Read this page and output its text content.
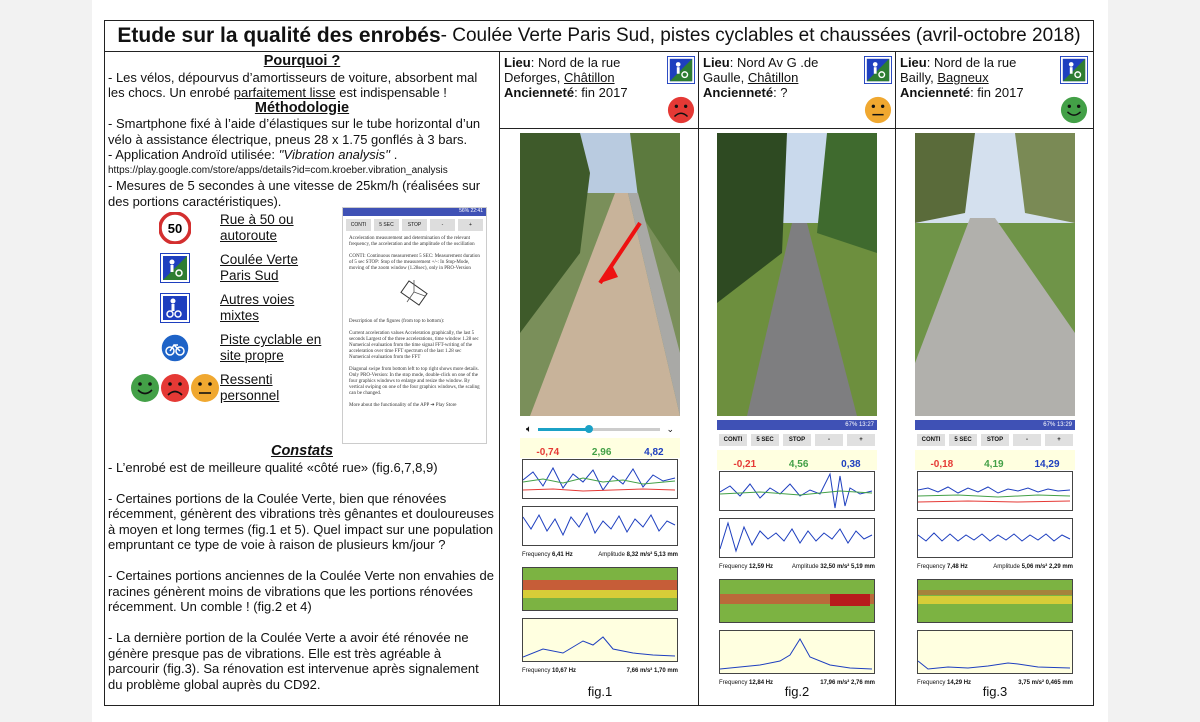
Etude sur la qualité des enrobés - Coulée Verte Paris Sud, pistes cyclables et chaussées (avril-octobre 2018)

Pourquoi ?

- Les vélos, dépourvus d’amortisseurs de voiture, absorbent mal les chocs. Un enrobé parfaitement lisse est indispensable !

Méthodologie

- Smartphone fixé à l’aide d’élastiques sur le tube horizontal d’un vélo à assistance électrique, pneus 28 x 1.75 gonflés à 3 bars.

- Application Androïd utilisée: ''Vibration analysis'' .

https://play.google.com/store/apps/details?id=com.kroeber.vibration_analysis

- Mesures de 5 secondes à une vitesse de 25km/h (réalisées sur des portions caractéristiques).

50
Rue à 50 ou autoroute
Coulée Verte Paris Sud
Autres voies mixtes
Piste cyclable en site propre
Ressenti personnel
56% 22:41
CONTI	5 SEC	STOP	-	+

Acceleration measurement and determination of the relevant frequency, the acceleration and the amplitude of the oscillation

CONTI: Continuous measurement 5 SEC: Measurement duration of 5 sec STOP: Stop of the measurement +/-: In Stop-Mode, moving of the zoom window (1.28sec), only in PRO-Version

Description of the figures (from top to bottom):

Current acceleration values Acceleration graphically, the last 5 seconds Largest of the three accelerations, time window 1.28 sec Numerical evaluation from the time signal FFT-writing of the acceleration over time FFT spectrum of the last 1.28 sec Numerical evaluation from the FFT

Diagonal swipe from bottom left to top right shows more details. Only PRO-Version: In the stop mode, double-click on one of the four graphics windows to enlarge and resize the window. By vertical swiping on one of the four graphics windows, the scaling can be changed.

More about the functionality of the APP ➔ Play Store

Constats

- L’enrobé est de meilleure qualité «côté rue» (fig.6,7,8,9)

- Certaines portions de la Coulée Verte, bien que rénovées récemment, génèrent des vibrations très gênantes et douloureuses à moyen et long termes (fig.1 et 5). Quel impact sur une population empruntant ce type de voie à raison de plusieurs km/jour ?

- Certaines portions anciennes de la Coulée Verte non envahies de racines génèrent moins de vibrations que les portions rénovées récemment. Un comble ! (fig.2 et 4)

- La dernière portion de la Coulée Verte a avoir été rénovée ne génère presque pas de vibrations. Elle est très agréable à parcourir (fig.3). Sa rénovation est intervenue après signalement du problème global auprès du CD92.

Lieu: Nord de la rue Deforges, Châtillon
Ancienneté: fin 2017
Lieu: Nord Av G .de Gaulle, Châtillon
Ancienneté: ?
Lieu: Nord de la rue Bailly, Bagneux
Ancienneté: fin 2017
🔈︎	⌄
-0,74	2,96	4,82

Frequency 6,41 Hz	Amplitude 8,32 m/s² 5,13 mm

Frequency 10,67 Hz	7,66 m/s² 1,70 mm
67% 13:27
CONTI	5 SEC	STOP	-	+
-0,21	4,56	0,38

Frequency 12,59 Hz	Amplitude 32,50 m/s² 5,19 mm

Frequency 12,84 Hz	17,96 m/s² 2,76 mm
67% 13:29
CONTI	5 SEC	STOP	-	+
-0,18	4,19	14,29

Frequency 7,48 Hz	Amplitude 5,06 m/s² 2,29 mm

Frequency 14,29 Hz	3,75 m/s² 0,465 mm
fig.1	fig.2	fig.3
